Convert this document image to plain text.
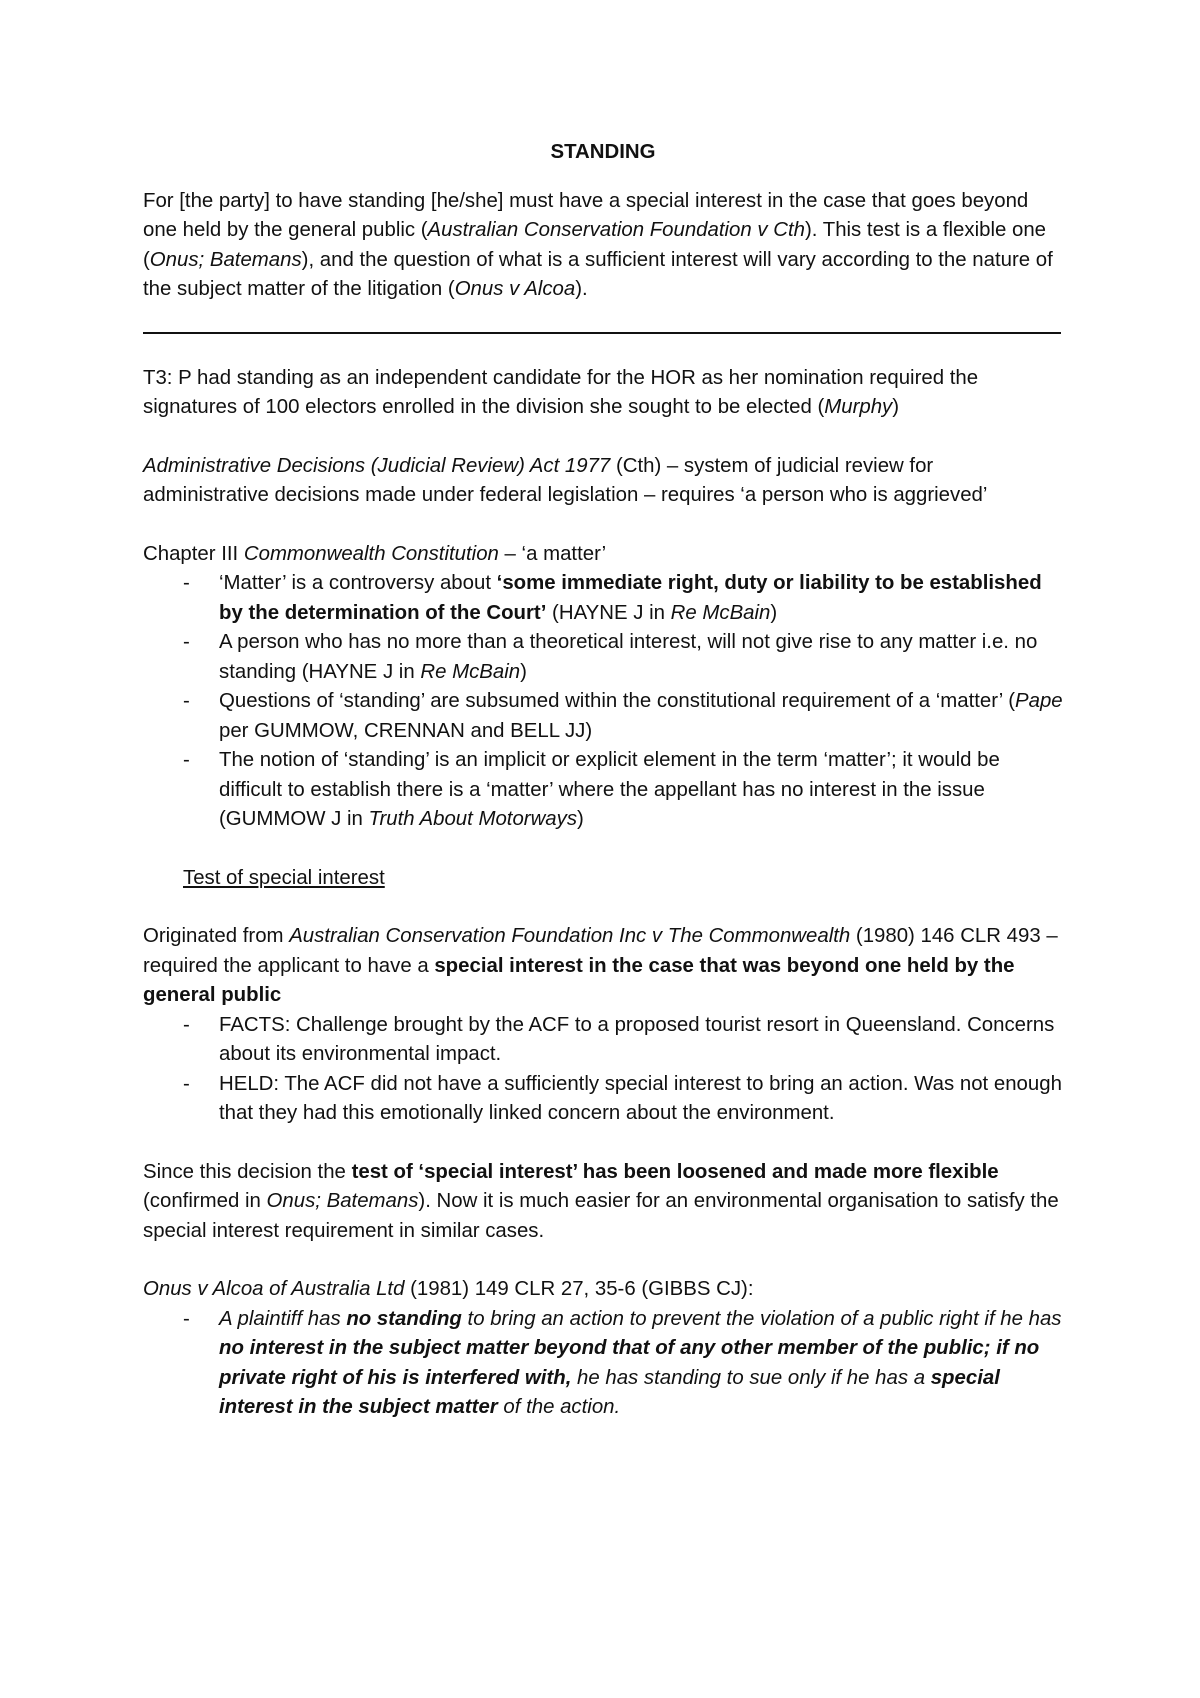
STANDING

For [the party] to have standing [he/she] must have a special interest in the case that goes beyond one held by the general public (Australian Conservation Foundation v Cth). This test is a flexible one (Onus; Batemans), and the question of what is a sufficient interest will vary according to the nature of the subject matter of the litigation (Onus v Alcoa).

T3: P had standing as an independent candidate for the HOR as her nomination required the signatures of 100 electors enrolled in the division she sought to be elected (Murphy)

Administrative Decisions (Judicial Review) Act 1977 (Cth) – system of judicial review for administrative decisions made under federal legislation – requires ‘a person who is aggrieved’

Chapter III Commonwealth Constitution – ‘a matter’

- ‘Matter’ is a controversy about ‘some immediate right, duty or liability to be established by the determination of the Court’ (HAYNE J in Re McBain)
- A person who has no more than a theoretical interest, will not give rise to any matter i.e. no standing (HAYNE J in Re McBain)
- Questions of ‘standing’ are subsumed within the constitutional requirement of a ‘matter’ (Pape per GUMMOW, CRENNAN and BELL JJ)
- The notion of ‘standing’ is an implicit or explicit element in the term ‘matter’; it would be difficult to establish there is a ‘matter’ where the appellant has no interest in the issue (GUMMOW J in Truth About Motorways)

Test of special interest

Originated from Australian Conservation Foundation Inc v The Commonwealth (1980) 146 CLR 493 – required the applicant to have a special interest in the case that was beyond one held by the general public

- FACTS: Challenge brought by the ACF to a proposed tourist resort in Queensland. Concerns about its environmental impact.
- HELD: The ACF did not have a sufficiently special interest to bring an action. Was not enough that they had this emotionally linked concern about the environment.

Since this decision the test of ‘special interest’ has been loosened and made more flexible (confirmed in Onus; Batemans). Now it is much easier for an environmental organisation to satisfy the special interest requirement in similar cases.

Onus v Alcoa of Australia Ltd (1981) 149 CLR 27, 35-6 (GIBBS CJ):

- A plaintiff has no standing to bring an action to prevent the violation of a public right if he has no interest in the subject matter beyond that of any other member of the public; if no private right of his is interfered with, he has standing to sue only if he has a special interest in the subject matter of the action.
